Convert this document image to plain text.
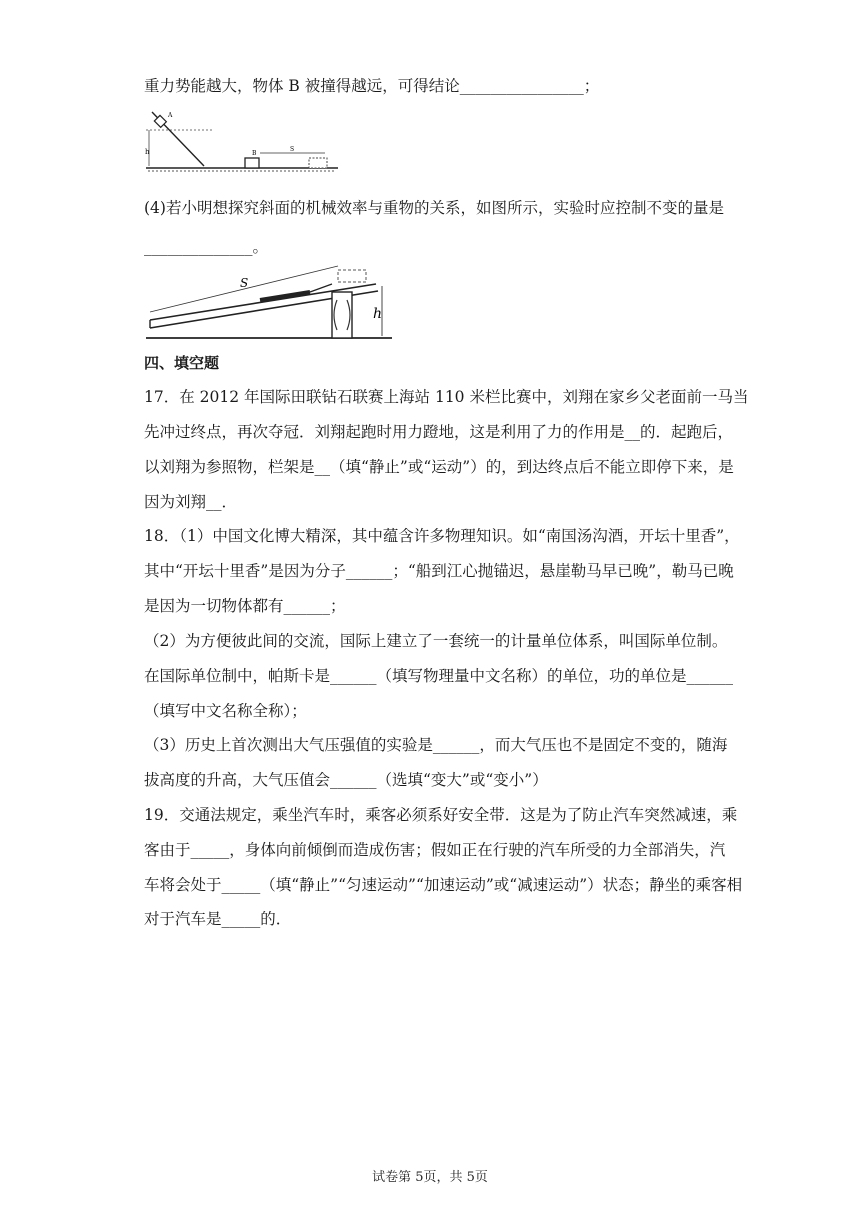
重力势能越大，物体 B 被撞得越远，可得结论________________；
h
A
B
S
(4)若小明想探究斜面的机械效率与重物的关系，如图所示，实验时应控制不变的量是
______________。
S
h
四、填空题
17．在 2012 年国际田联钻石联赛上海站 110 米栏比赛中，刘翔在家乡父老面前一马当
先冲过终点，再次夺冠．刘翔起跑时用力蹬地，这是利用了力的作用是__的．起跑后，
以刘翔为参照物，栏架是__（填“静止”或“运动”）的，到达终点后不能立即停下来，是
因为刘翔__．
18．（1）中国文化博大精深，其中蕴含许多物理知识。如“南国汤沟酒，开坛十里香”，
其中“开坛十里香”是因为分子______；“船到江心抛锚迟，悬崖勒马早已晚”，勒马已晚
是因为一切物体都有______；
（2）为方便彼此间的交流，国际上建立了一套统一的计量单位体系，叫国际单位制。
在国际单位制中，帕斯卡是______（填写物理量中文名称）的单位，功的单位是______
（填写中文名称全称）；
（3）历史上首次测出大气压强值的实验是______，而大气压也不是固定不变的，随海
拔高度的升高，大气压值会______（选填“变大”或“变小”）
19．交通法规定，乘坐汽车时，乘客必须系好安全带．这是为了防止汽车突然减速，乘
客由于_____，身体向前倾倒而造成伤害；假如正在行驶的汽车所受的力全部消失，汽
车将会处于_____（填“静止”“匀速运动”“加速运动”或“减速运动”）状态；静坐的乘客相
对于汽车是_____的．
试卷第 5页，共 5页
